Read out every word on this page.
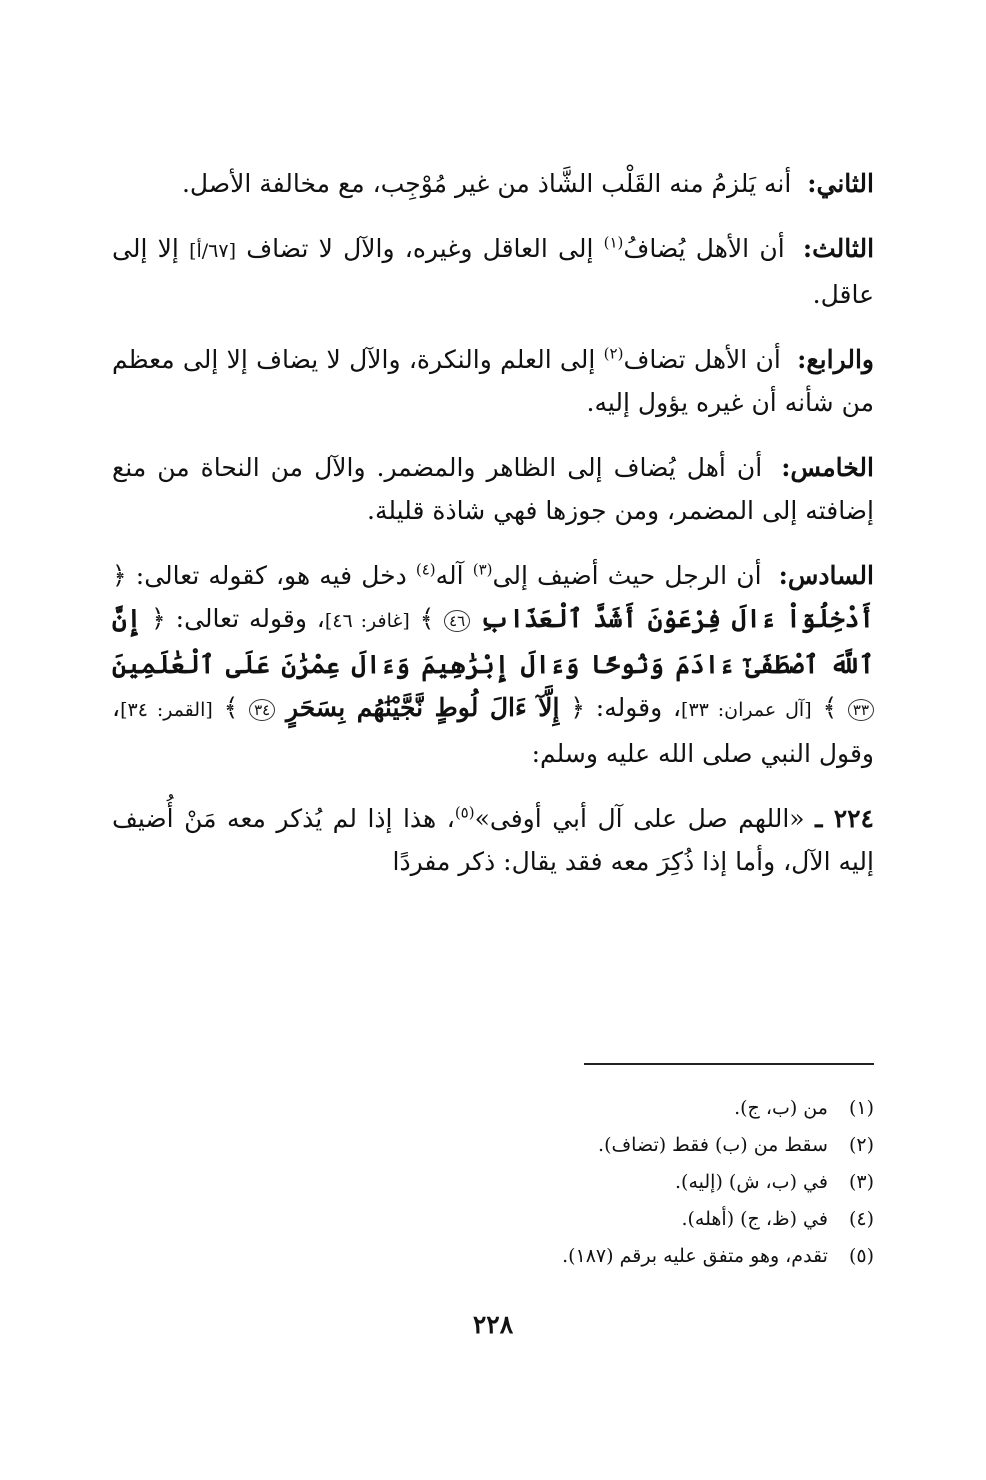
الثاني: أنه يَلزمُ منه القَلْب الشَّاذ من غير مُوْجِب، مع مخالفة الأصل.

الثالث: أن الأهل يُضافُ$^{(١)}$ إلى العاقل وغيره، والآل لا تضاف [٦٧/أ] إلا إلى عاقل.

والرابع: أن الأهل تضاف$^{(٢)}$ إلى العلم والنكرة، والآل لا يضاف إلا إلى معظم من شأنه أن غيره يؤول إليه.

الخامس: أن أهل يُضاف إلى الظاهر والمضمر. والآل من النحاة من منع إضافته إلى المضمر، ومن جوزها فهي شاذة قليلة.

السادس: أن الرجل حيث أضيف إلى$^{(٣)}$ آله$^{(٤)}$ دخل فيه هو، كقوله تعالى: ﴿ أَدْخِلُوٓاْ ءَالَ فِرْعَوْنَ أَشَدَّ ٱلْعَذَابِ ٤٦ ﴾ [غافر: ٤٦]، وقوله تعالى: ﴿ إِنَّ ٱللَّهَ ٱصْطَفَىٰٓ ءَادَمَ وَنُوحًا وَءَالَ إِبْرَٰهِيمَ وَءَالَ عِمْرَٰنَ عَلَى ٱلْعَٰلَمِينَ ٣٣ ﴾ [آل عمران: ٣٣]، وقوله: ﴿ إِلَّآ ءَالَ لُوطٍ نَّجَّيْنَٰهُم بِسَحَرٍ ٣٤ ﴾ [القمر: ٣٤]، وقول النبي صلى الله عليه وسلم:

٢٢٤ ـ «اللهم صل على آل أبي أوفى»$^{(٥)}$، هذا إذا لم يُذكر معه مَنْ أُضيف إليه الآل، وأما إذا ذُكِرَ معه فقد يقال: ذكر مفردًا

(١) من (ب، ج).
(٢) سقط من (ب) فقط (تضاف).
(٣) في (ب، ش) (إليه).
(٤) في (ظ، ج) (أهله).
(٥) تقدم، وهو متفق عليه برقم (١٨٧).
٢٢٨
